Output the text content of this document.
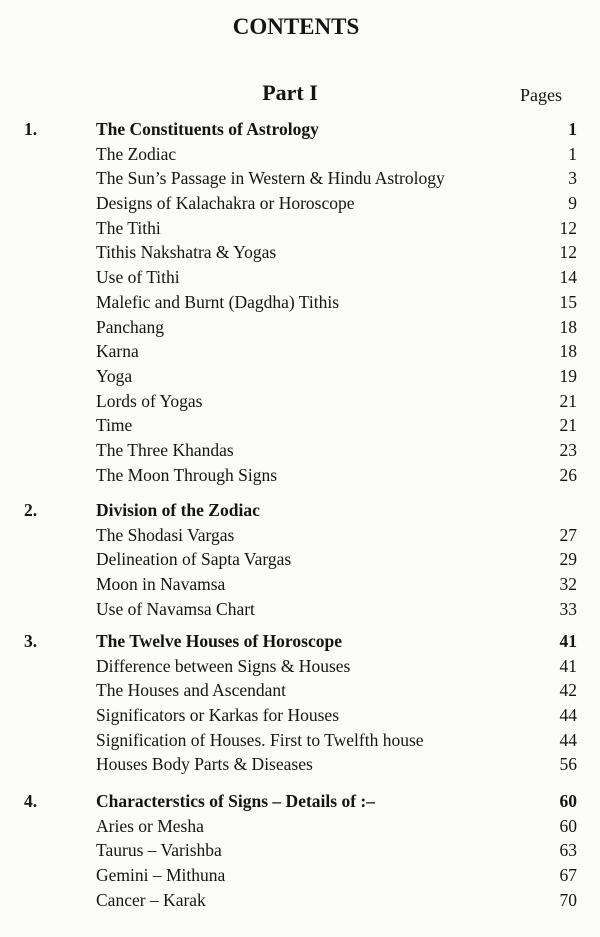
CONTENTS
Part I	Pages
1.	The Constituents of Astrology	1
The Zodiac	1
The Sun’s Passage in Western & Hindu Astrology	3
Designs of Kalachakra or Horoscope	9
The Tithi	12
Tithis Nakshatra & Yogas	12
Use of Tithi	14
Malefic and Burnt (Dagdha) Tithis	15
Panchang	18
Karna	18
Yoga	19
Lords of Yogas	21
Time	21
The Three Khandas	23
The Moon Through Signs	26
2.	Division of the Zodiac
The Shodasi Vargas	27
Delineation of Sapta Vargas	29
Moon in Navamsa	32
Use of Navamsa Chart	33
3.	The Twelve Houses of Horoscope	41
Difference between Signs & Houses	41
The Houses and Ascendant	42
Significators or Karkas for Houses	44
Signification of Houses. First to Twelfth house	44
Houses Body Parts & Diseases	56
4.	Characterstics of Signs – Details of :–	60
Aries or Mesha	60
Taurus – Varishba	63
Gemini – Mithuna	67
Cancer – Karak	70
